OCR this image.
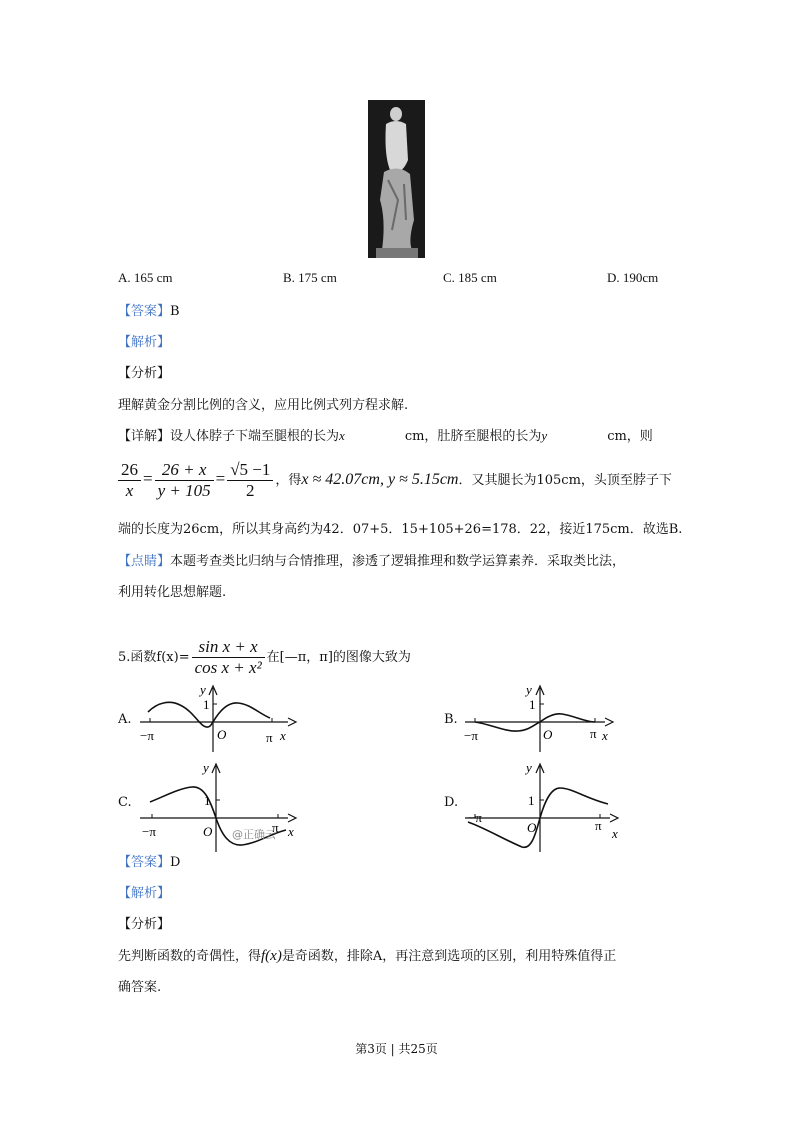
A. 165 cm	B. 175 cm	C. 185 cm	D. 190cm
【答案】B
【解析】
【分析】
理解黄金分割比例的含义，应用比例式列方程求解.
【详解】设人体脖子下端至腿根的长为x	cm，肚脐至腿根的长为y	cm，则
$\frac{26}{x} = \frac{26 + x}{y + 105} = \frac{√5 -1}{2}$ ，得x ≈ 42.07cm, y ≈ 5.15cm．又其腿长为105cm，头顶至脖子下
端的长度为26cm，所以其身高约为42．07+5．15+105+26=178．22，接近175cm．故选B.
【点睛】本题考查类比归纳与合情推理，渗透了逻辑推理和数学运算素养．采取类比法，
利用转化思想解题.
5.函数$f(x)= \frac{\text{sin x + x}}{\text{cos x + x²}}$ 在[—π，π]的图像大致为
A.
y
1
−π	O	π x
B.
y
1
−π	O	π x
C.
y
1
−π	O	π x
@正确云
D.
y
1
−π
O	π
x
【答案】D
【解析】
【分析】
先判断函数的奇偶性，得f(x)是奇函数，排除A，再注意到选项的区别，利用特殊值得正
确答案.
第3页 | 共25页
